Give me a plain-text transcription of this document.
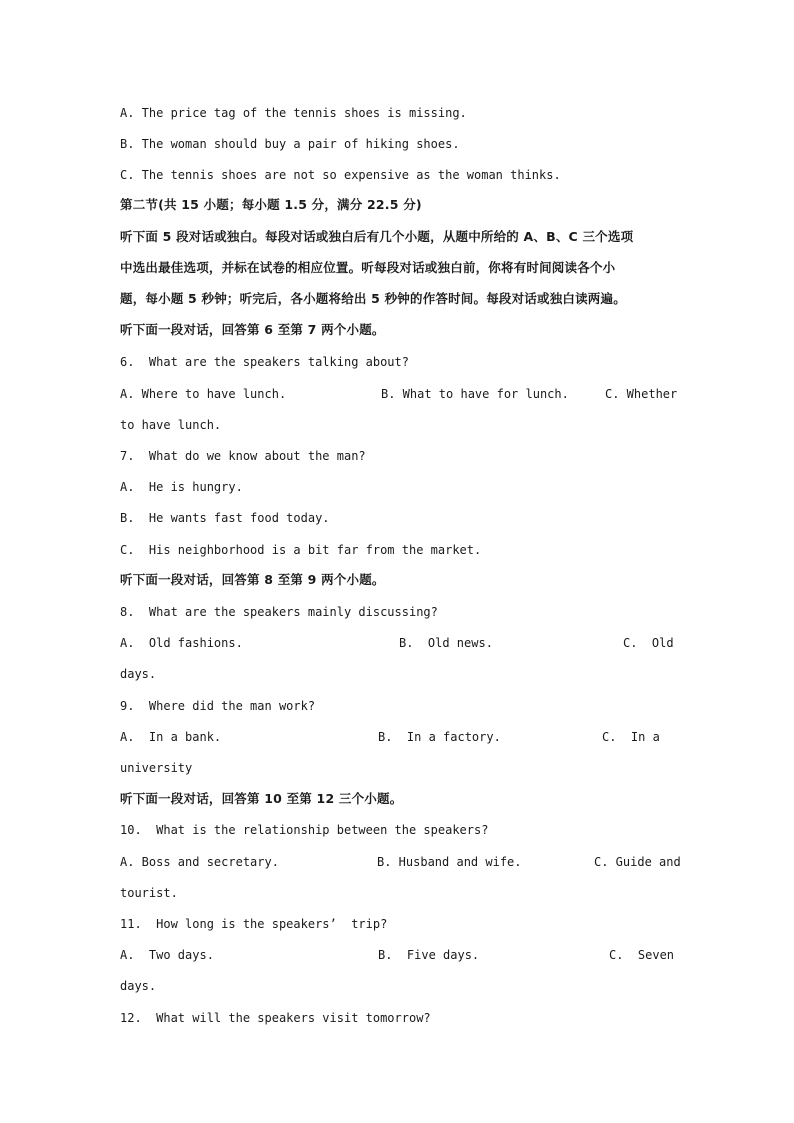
A. The price tag of the tennis shoes is missing.
B. The woman should buy a pair of hiking shoes.
C. The tennis shoes are not so expensive as the woman thinks.
第二节(共 15 小题；每小题 1.5 分，满分 22.5 分)
听下面 5 段对话或独白。每段对话或独白后有几个小题，从题中所给的 A、B、C 三个选项
中选出最佳选项，并标在试卷的相应位置。听每段对话或独白前，你将有时间阅读各个小
题，每小题 5 秒钟；听完后，各小题将给出 5 秒钟的作答时间。每段对话或独白读两遍。
听下面一段对话，回答第 6 至第 7 两个小题。
6.  What are the speakers talking about?
A. Where to have lunch.	B. What to have for lunch.	C. Whether
to have lunch.
7.  What do we know about the man?
A.  He is hungry.
B.  He wants fast food today.
C.  His neighborhood is a bit far from the market.
听下面一段对话，回答第 8 至第 9 两个小题。
8.  What are the speakers mainly discussing?
A.  Old fashions.	B.  Old news.	C.  Old
days.
9.  Where did the man work?
A.  In a bank.	B.  In a factory.	C.  In a
university
听下面一段对话，回答第 10 至第 12 三个小题。
10.  What is the relationship between the speakers?
A. Boss and secretary.	B. Husband and wife.	C. Guide and
tourist.
11.  How long is the speakers’  trip?
A.  Two days.	B.  Five days.	C.  Seven
days.
12.  What will the speakers visit tomorrow?
